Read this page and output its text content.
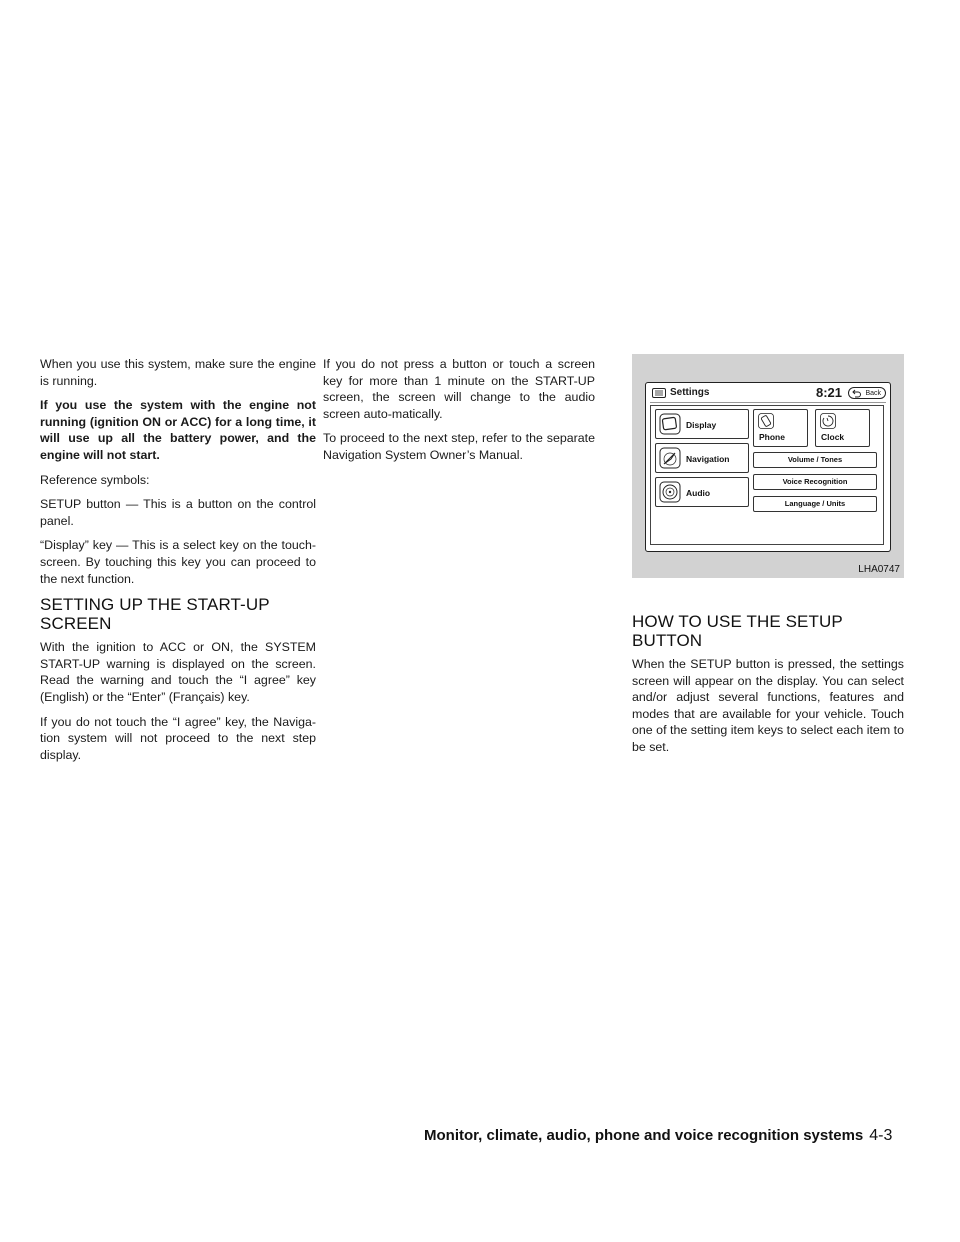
When you use this system, make sure the engine is running.

If you use the system with the engine not running (ignition ON or ACC) for a long time, it will use up all the battery power, and the engine will not start.

Reference symbols:

SETUP button — This is a button on the control panel.

“Display” key — This is a select key on the touch-screen. By touching this key you can proceed to the next function.

SETTING UP THE START-UP SCREEN

With the ignition to ACC or ON, the SYSTEM START-UP warning is displayed on the screen. Read the warning and touch the “I agree” key (English) or the “Enter” (Français) key.

If you do not touch the “I agree” key, the Naviga-tion system will not proceed to the next step display.

If you do not press a button or touch a screen key for more than 1 minute on the START-UP screen, the screen will change to the audio screen auto-matically.

To proceed to the next step, refer to the separate Navigation System Owner’s Manual.

Settings	8:21	Back
Display
Navigation
Audio
Phone	Clock
Volume / Tones
Voice Recognition
Language / Units
LHA0747
HOW TO USE THE SETUP BUTTON

When the SETUP button is pressed, the settings screen will appear on the display. You can select and/or adjust several functions, features and modes that are available for your vehicle. Touch one of the setting item keys to select each item to be set.

Monitor, climate, audio, phone and voice recognition systems 4-3
